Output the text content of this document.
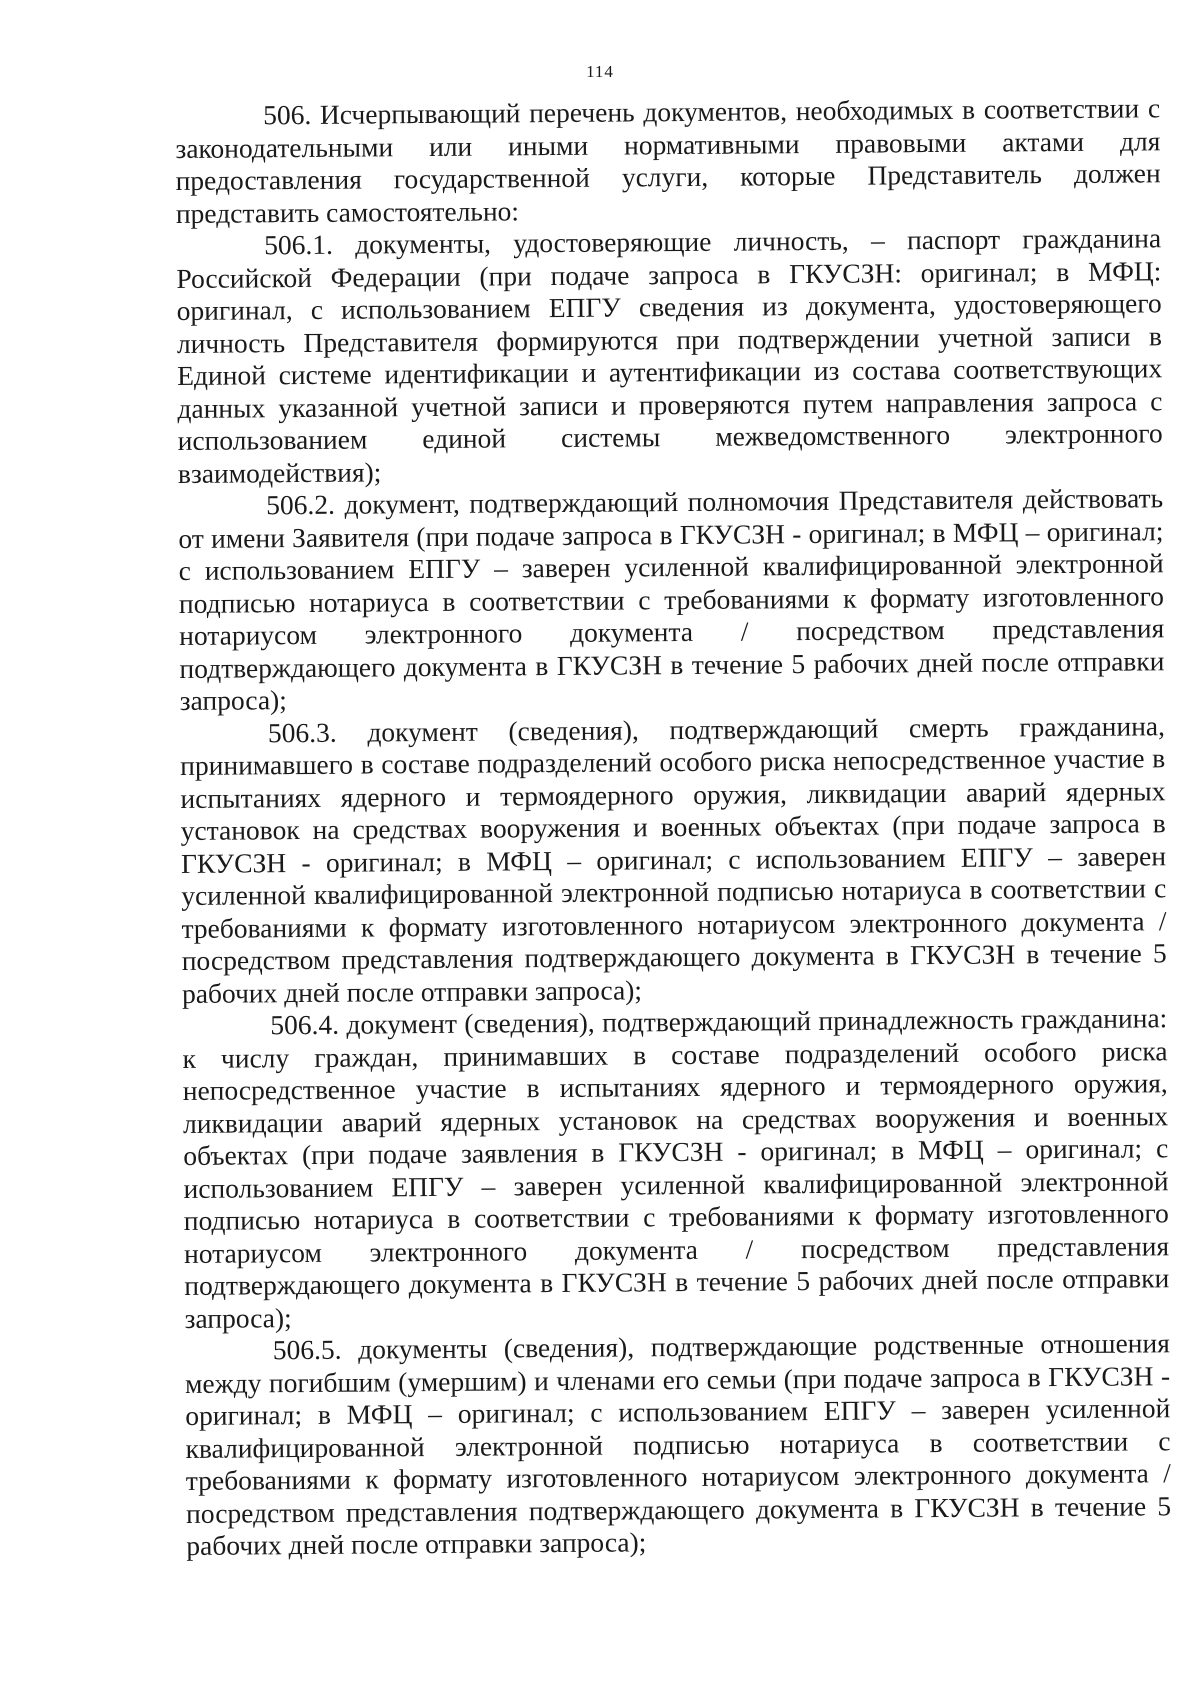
114

506. Исчерпывающий перечень документов, необходимых в соответствии с законодательными или иными нормативными правовыми актами для предоставления государственной услуги, которые Представитель должен представить самостоятельно:

506.1. документы, удостоверяющие личность, – паспорт гражданина Российской Федерации (при подаче запроса в ГКУСЗН: оригинал; в МФЦ: оригинал, с использованием ЕПГУ сведения из документа, удостоверяющего личность Представителя формируются при подтверждении учетной записи в Единой системе идентификации и аутентификации из состава соответствующих данных указанной учетной записи и проверяются путем направления запроса с использованием единой системы межведомственного электронного взаимодействия);

506.2. документ, подтверждающий полномочия Представителя действовать от имени Заявителя (при подаче запроса в ГКУСЗН - оригинал; в МФЦ – оригинал; с использованием ЕПГУ – заверен усиленной квалифицированной электронной подписью нотариуса в соответствии с требованиями к формату изготовленного нотариусом электронного документа / посредством представления подтверждающего документа в ГКУСЗН в течение 5 рабочих дней после отправки запроса);

506.3. документ (сведения), подтверждающий смерть гражданина, принимавшего в составе подразделений особого риска непосредственное участие в испытаниях ядерного и термоядерного оружия, ликвидации аварий ядерных установок на средствах вооружения и военных объектах (при подаче запроса в ГКУСЗН - оригинал; в МФЦ – оригинал; с использованием ЕПГУ – заверен усиленной квалифицированной электронной подписью нотариуса в соответствии с требованиями к формату изготовленного нотариусом электронного документа / посредством представления подтверждающего документа в ГКУСЗН в течение 5 рабочих дней после отправки запроса);

506.4. документ (сведения), подтверждающий принадлежность гражданина: к числу граждан, принимавших в составе подразделений особого риска непосредственное участие в испытаниях ядерного и термоядерного оружия, ликвидации аварий ядерных установок на средствах вооружения и военных объектах (при подаче заявления в ГКУСЗН - оригинал; в МФЦ – оригинал; с использованием ЕПГУ – заверен усиленной квалифицированной электронной подписью нотариуса в соответствии с требованиями к формату изготовленного нотариусом электронного документа / посредством представления подтверждающего документа в ГКУСЗН в течение 5 рабочих дней после отправки запроса);

506.5. документы (сведения), подтверждающие родственные отношения между погибшим (умершим) и членами его семьи (при подаче запроса в ГКУСЗН - оригинал; в МФЦ – оригинал; с использованием ЕПГУ – заверен усиленной квалифицированной электронной подписью нотариуса в соответствии с требованиями к формату изготовленного нотариусом электронного документа / посредством представления подтверждающего документа в ГКУСЗН в течение 5 рабочих дней после отправки запроса);
